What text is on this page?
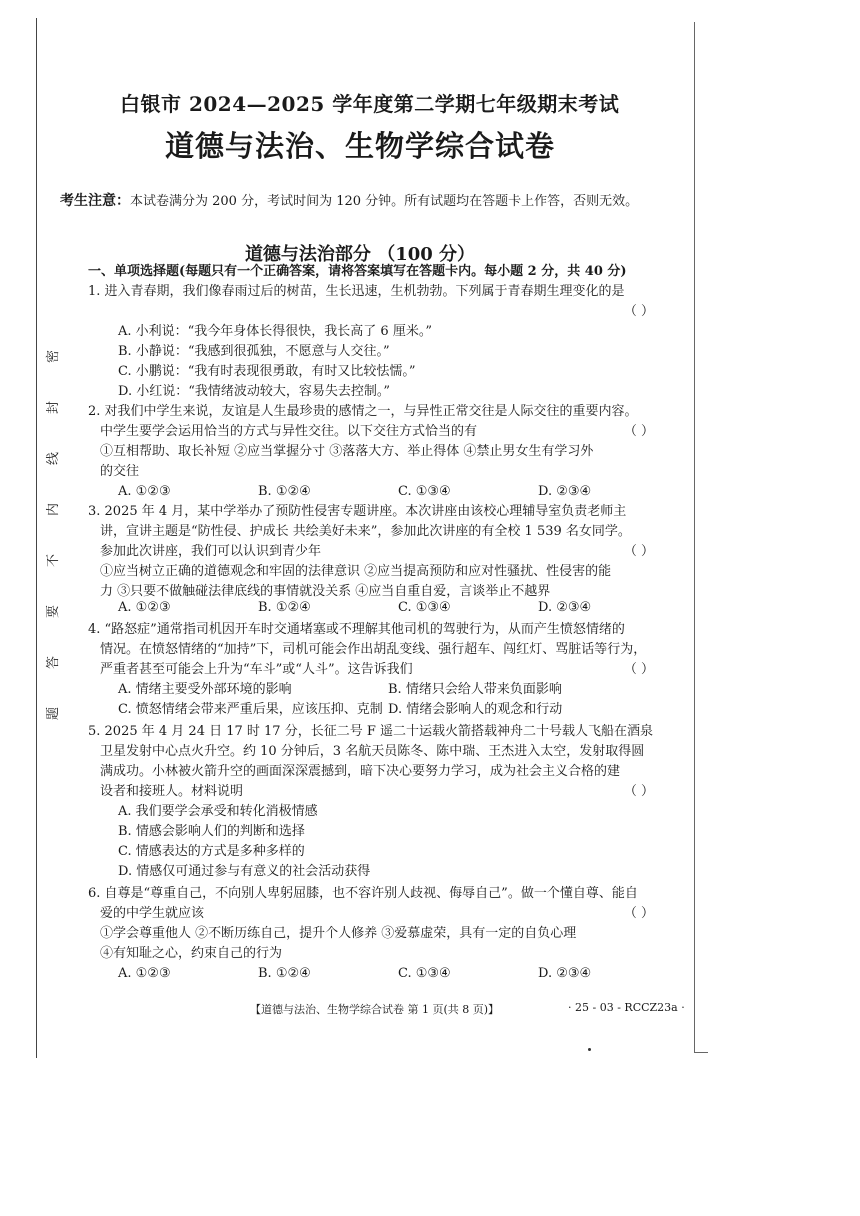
密
封
线
内
不
要
答
题
白银市 2024—2025 学年度第二学期七年级期末考试
道德与法治、生物学综合试卷
考生注意：本试卷满分为 200 分，考试时间为 120 分钟。所有试题均在答题卡上作答，否则无效。
道德与法治部分 （100 分）
一、单项选择题(每题只有一个正确答案，请将答案填写在答题卡内。每小题 2 分，共 40 分)
1. 进入青春期，我们像春雨过后的树苗，生长迅速，生机勃勃。下列属于青春期生理变化的是
（ ）
A. 小利说：“我今年身体长得很快，我长高了 6 厘米。”
B. 小静说：“我感到很孤独，不愿意与人交往。”
C. 小鹏说：“我有时表现很勇敢，有时又比较怯懦。”
D. 小红说：“我情绪波动较大，容易失去控制。”
2. 对我们中学生来说，友谊是人生最珍贵的感情之一，与异性正常交往是人际交往的重要内容。
中学生要学会运用恰当的方式与异性交往。以下交往方式恰当的有	（ ）
①互相帮助、取长补短 ②应当掌握分寸 ③落落大方、举止得体 ④禁止男女生有学习外
的交往
A. ①②③	B. ①②④	C. ①③④	D. ②③④
3. 2025 年 4 月，某中学举办了预防性侵害专题讲座。本次讲座由该校心理辅导室负责老师主
讲，宣讲主题是“防性侵、护成长 共绘美好未来”，参加此次讲座的有全校 1 539 名女同学。
参加此次讲座，我们可以认识到青少年	（ ）
①应当树立正确的道德观念和牢固的法律意识 ②应当提高预防和应对性骚扰、性侵害的能
力 ③只要不做触碰法律底线的事情就没关系 ④应当自重自爱，言谈举止不越界
A. ①②③	B. ①②④	C. ①③④	D. ②③④
4. “路怒症”通常指司机因开车时交通堵塞或不理解其他司机的驾驶行为，从而产生愤怒情绪的
情况。在愤怒情绪的“加持”下，司机可能会作出胡乱变线、强行超车、闯红灯、骂脏话等行为，
严重者甚至可能会上升为“车斗”或“人斗”。这告诉我们	（ ）
A. 情绪主要受外部环境的影响	B. 情绪只会给人带来负面影响
C. 愤怒情绪会带来严重后果，应该压抑、克制 D. 情绪会影响人的观念和行动
5. 2025 年 4 月 24 日 17 时 17 分，长征二号 F 遥二十运载火箭搭载神舟二十号载人飞船在酒泉
卫星发射中心点火升空。约 10 分钟后，3 名航天员陈冬、陈中瑞、王杰进入太空，发射取得圆
满成功。小林被火箭升空的画面深深震撼到，暗下决心要努力学习，成为社会主义合格的建
设者和接班人。材料说明	（ ）
A. 我们要学会承受和转化消极情感
B. 情感会影响人们的判断和选择
C. 情感表达的方式是多种多样的
D. 情感仅可通过参与有意义的社会活动获得
6. 自尊是“尊重自己，不向别人卑躬屈膝，也不容许别人歧视、侮辱自己”。做一个懂自尊、能自
爱的中学生就应该	（ ）
①学会尊重他人 ②不断历练自己，提升个人修养 ③爱慕虚荣，具有一定的自负心理
④有知耻之心，约束自己的行为
A. ①②③	B. ①②④	C. ①③④	D. ②③④
【道德与法治、生物学综合试卷 第 1 页(共 8 页)】	· 25 - 03 - RCCZ23a ·
